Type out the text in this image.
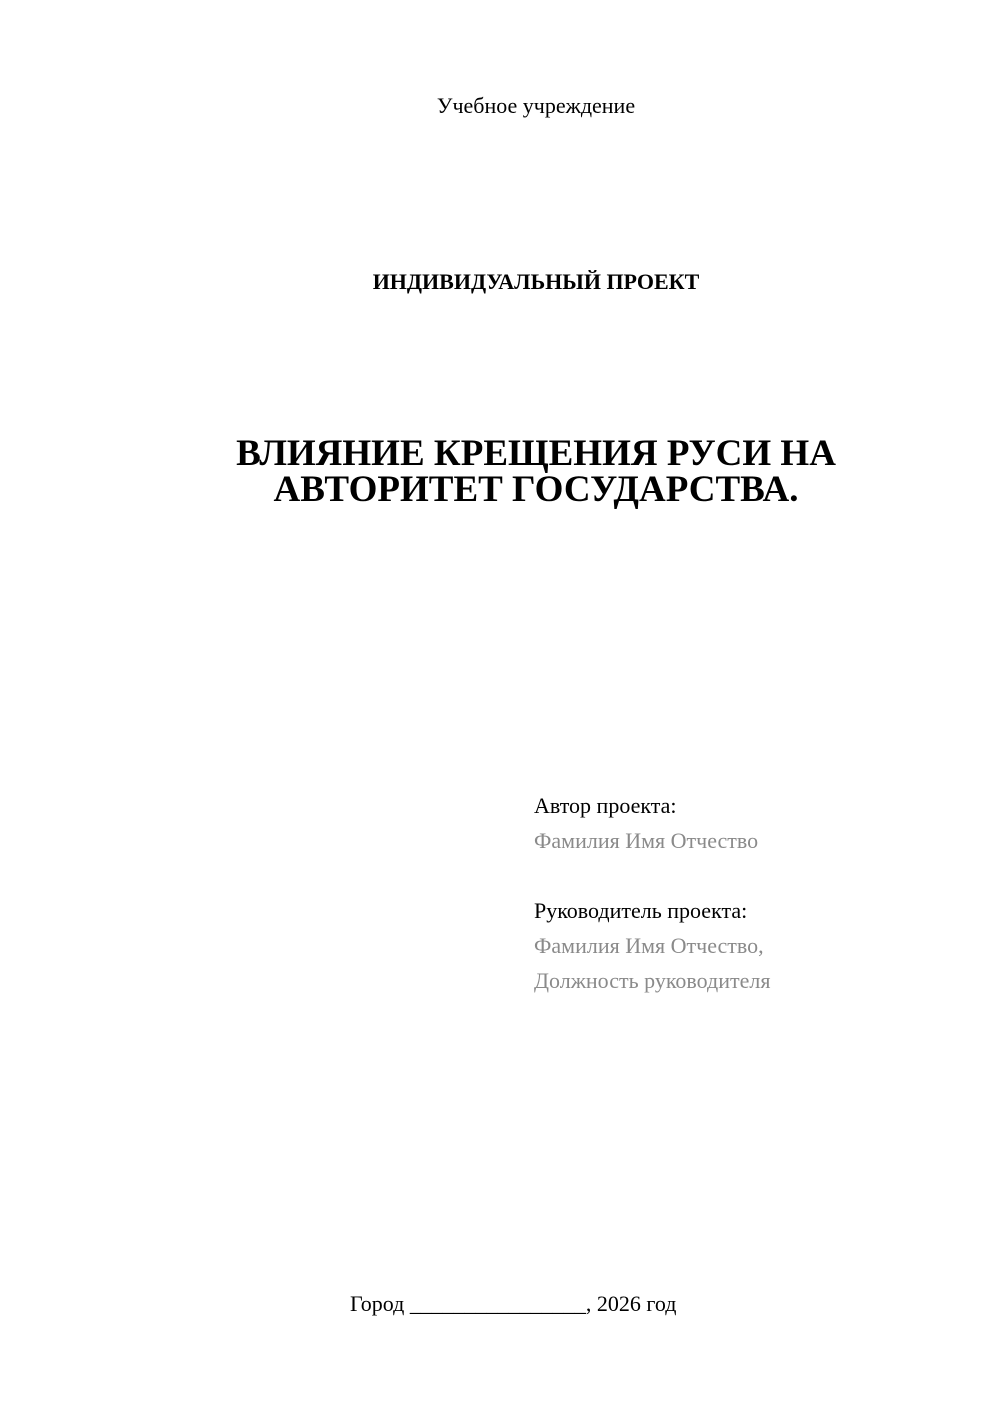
Учебное учреждение
ИНДИВИДУАЛЬНЫЙ ПРОЕКТ
ВЛИЯНИЕ КРЕЩЕНИЯ РУСИ НА
АВТОРИТЕТ ГОСУДАРСТВА.
Автор проекта:
Фамилия Имя Отчество
Руководитель проекта:
Фамилия Имя Отчество,
Должность руководителя
Город ________________, 2026 год
